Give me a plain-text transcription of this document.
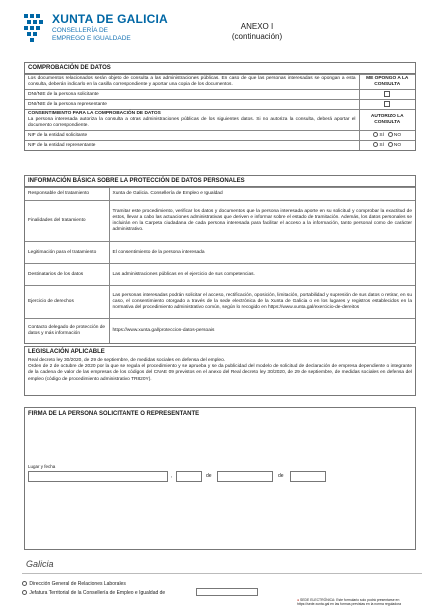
XUNTA DE GALICIA
CONSELLERÍA DE
EMPREGO E IGUALDADE
ANEXO I
(continuación)
COMPROBACIÓN DE DATOS
Los documentos relacionados serán objeto de consulta a las administraciones públicas. En caso de que las personas interesadas se opongan a esta consulta, deberán indicarlo en la casilla correspondiente y aportar una copia de los documentos.	ME OPONGO A LA CONSULTA
DNI/NIE de la persona solicitante	
DNI/NIE de la persona representante	

CONSENTIMIENTO PARA LA COMPROBACIÓN DE DATOS
La persona interesada autoriza la consulta a otras administraciones públicas de los siguientes datos. Si no autoriza la consulta, deberá aportar el documento correspondiente.	AUTORIZO LA CONSULTA
NIF de la entidad solicitante	SÍ NO
NIF de la entidad representante	SÍ NO
INFORMACIÓN BÁSICA SOBRE LA PROTECCIÓN DE DATOS PERSONALES
Responsable del tratamiento	Xunta de Galicia. Consellería de Empleo e Igualdad
Finalidades del tratamiento	Tramitar este procedimiento, verificar los datos y documentos que la persona interesada aporte en su solicitud y comprobar la exactitud de estos, llevar a cabo las actuaciones administrativas que deriven e informar sobre el estado de tramitación. Además, los datos personales se incluirán en la Carpeta ciudadana de cada persona interesada para facilitar el acceso a la información, tanto personal como de carácter administrativo.
Legitimación para el tratamiento	El consentimiento de la persona interesada
Destinatarios de los datos	Las administraciones públicas en el ejercicio de sus competencias.
Ejercicio de derechos	Las personas interesadas podrán solicitar el acceso, rectificación, oposición, limitación, portabilidad y supresión de sus datos o retirar, en su caso, el consentimiento otorgado a través de la sede electrónica de la Xunta de Galicia o en los lugares y registros establecidos en la normativa del procedimiento administrativo común, según lo recogido en https://www.xunta.gal/exercicio-de-dereitos
Contacto delegado de protección de datos y más información	https://www.xunta.gal/proteccion-datos-persoais
LEGISLACIÓN APLICABLE
Real decreto ley 30/2020, de 29 de septiembre, de medidas sociales en defensa del empleo.
Orden de 2 de octubre de 2020 por la que se regula el procedimiento y se aprueba y se da publicidad del modelo de solicitud de declaración de empresa dependiente o integrante de la cadena de valor de las empresas de los códigos del CNAE 09 previstos en el anexo del Real decreto ley 30/2020, de 29 de septiembre, de medidas sociales en defensa del empleo (código de procedimiento administrativo TR820Y).
FIRMA DE LA PERSONA SOLICITANTE O REPRESENTANTE
Lugar y fecha
,	de	de
Galicia
Dirección General de Relaciones Laborales
Jefatura Territorial de la Consellería de Empleo e Igualdad de
● SEDE ELECTRÓNICA: Este formulario solo podrá presentarse en https://sede.xunta.gal en las formas previstas en la norma reguladora
